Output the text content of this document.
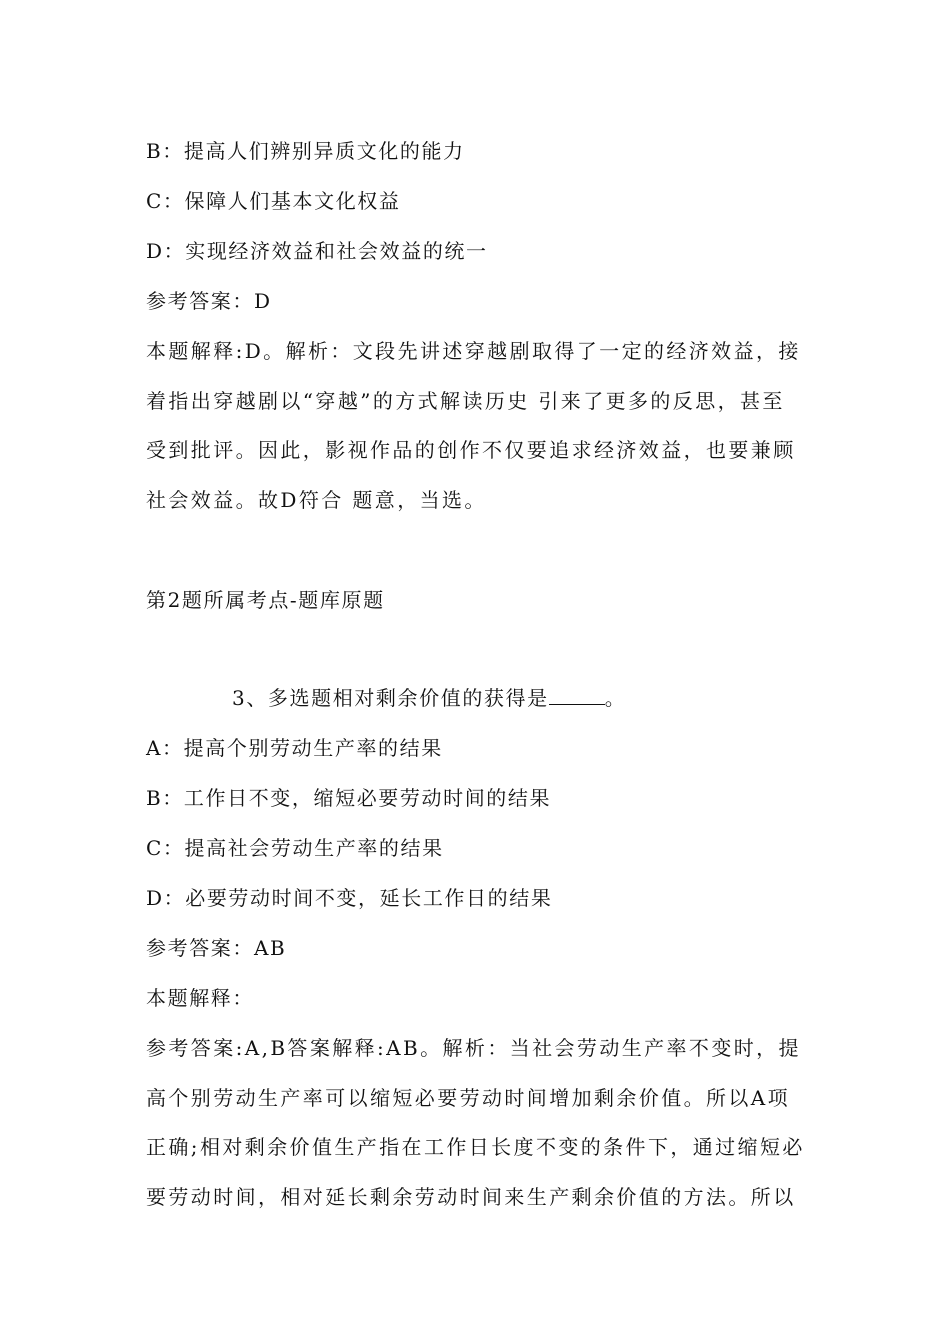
B：提高人们辨别异质文化的能力
C：保障人们基本文化权益
D：实现经济效益和社会效益的统一
参考答案：D
本题解释:D。解析：文段先讲述穿越剧取得了一定的经济效益，接
着指出穿越剧以“穿越”的方式解读历史 引来了更多的反思，甚至
受到批评。因此，影视作品的创作不仅要追求经济效益，也要兼顾
社会效益。故D符合 题意，当选。
第2题所属考点-题库原题
3、多选题相对剩余价值的获得是	。
A：提高个别劳动生产率的结果
B：工作日不变，缩短必要劳动时间的结果
C：提高社会劳动生产率的结果
D：必要劳动时间不变，延长工作日的结果
参考答案：AB
本题解释：
参考答案:A,B答案解释:AB。解析：当社会劳动生产率不变时，提
高个别劳动生产率可以缩短必要劳动时间增加剩余价值。所以A项
正确;相对剩余价值生产指在工作日长度不变的条件下，通过缩短必
要劳动时间，相对延长剩余劳动时间来生产剩余价值的方法。所以
